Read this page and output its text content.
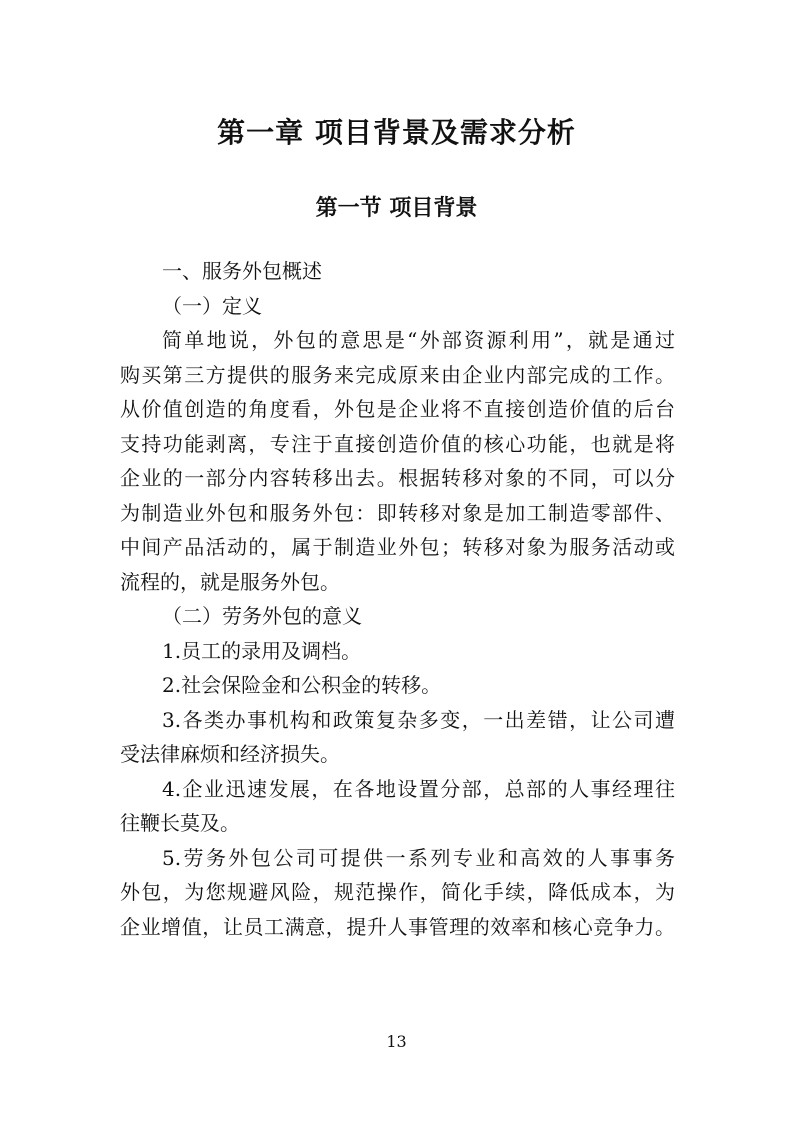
第一章 项目背景及需求分析
第一节 项目背景
一、服务外包概述
（一）定义
简单地说，外包的意思是“外部资源利用”，就是通过
购买第三方提供的服务来完成原来由企业内部完成的工作。
从价值创造的角度看，外包是企业将不直接创造价值的后台
支持功能剥离，专注于直接创造价值的核心功能，也就是将
企业的一部分内容转移出去。根据转移对象的不同，可以分
为制造业外包和服务外包：即转移对象是加工制造零部件、
中间产品活动的，属于制造业外包；转移对象为服务活动或
流程的，就是服务外包。
（二）劳务外包的意义
1.员工的录用及调档。
2.社会保险金和公积金的转移。
3.各类办事机构和政策复杂多变，一出差错，让公司遭
受法律麻烦和经济损失。
4.企业迅速发展，在各地设置分部，总部的人事经理往
往鞭长莫及。
5.劳务外包公司可提供一系列专业和高效的人事事务
外包，为您规避风险，规范操作，简化手续，降低成本，为
企业增值，让员工满意，提升人事管理的效率和核心竞争力。
13
